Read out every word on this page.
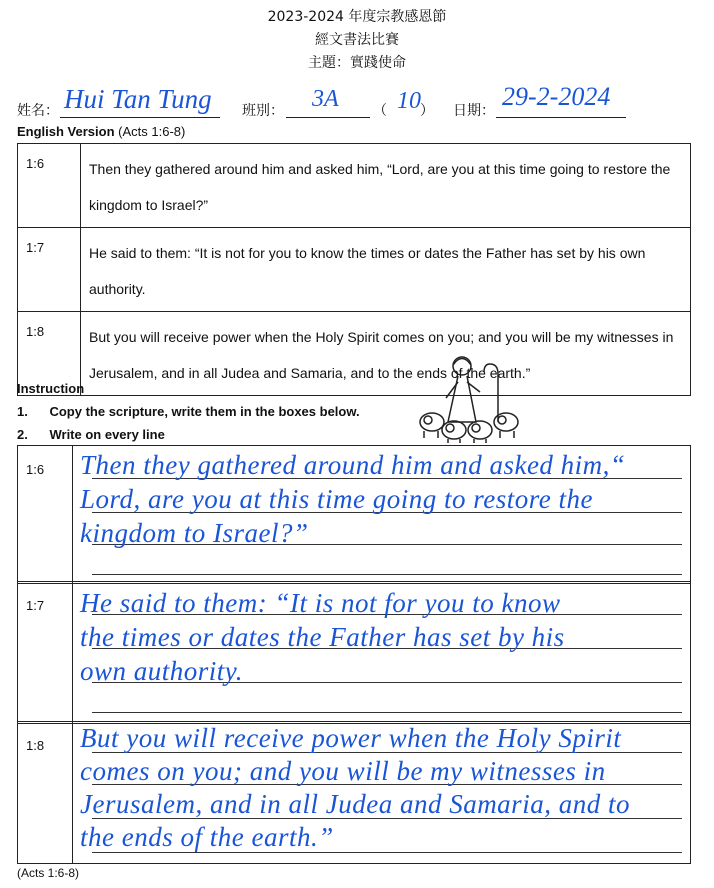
2023-2024 年度宗教感恩節
經文書法比賽
主題：實踐使命
姓名： Hui Tan Tung 班別： 3A （ 10 ） 日期： 29-2-2024
English Version (Acts 1:6-8)
1:6	Then they gathered around him and asked him, “Lord, are you at this time going to restore the kingdom to Israel?”
1:7	He said to them: “It is not for you to know the times or dates the Father has set by his own authority.
1:8	But you will receive power when the Holy Spirit comes on you; and you will be my witnesses in Jerusalem, and in all Judea and Samaria, and to the ends of the earth.”
Instruction
1. Copy the scripture, write them in the boxes below.
2. Write on every line
1:6 Then they gathered around him and asked him,“
Lord, are you at this time going to restore the
kingdom to Israel?”
1:7 He said to them: “It is not for you to know
the times or dates the Father has set by his
own authority.
1:8 But you will receive power when the Holy Spirit
comes on you; and you will be my witnesses in
Jerusalem, and in all Judea and Samaria, and to
the ends of the earth.”
(Acts 1:6-8)
